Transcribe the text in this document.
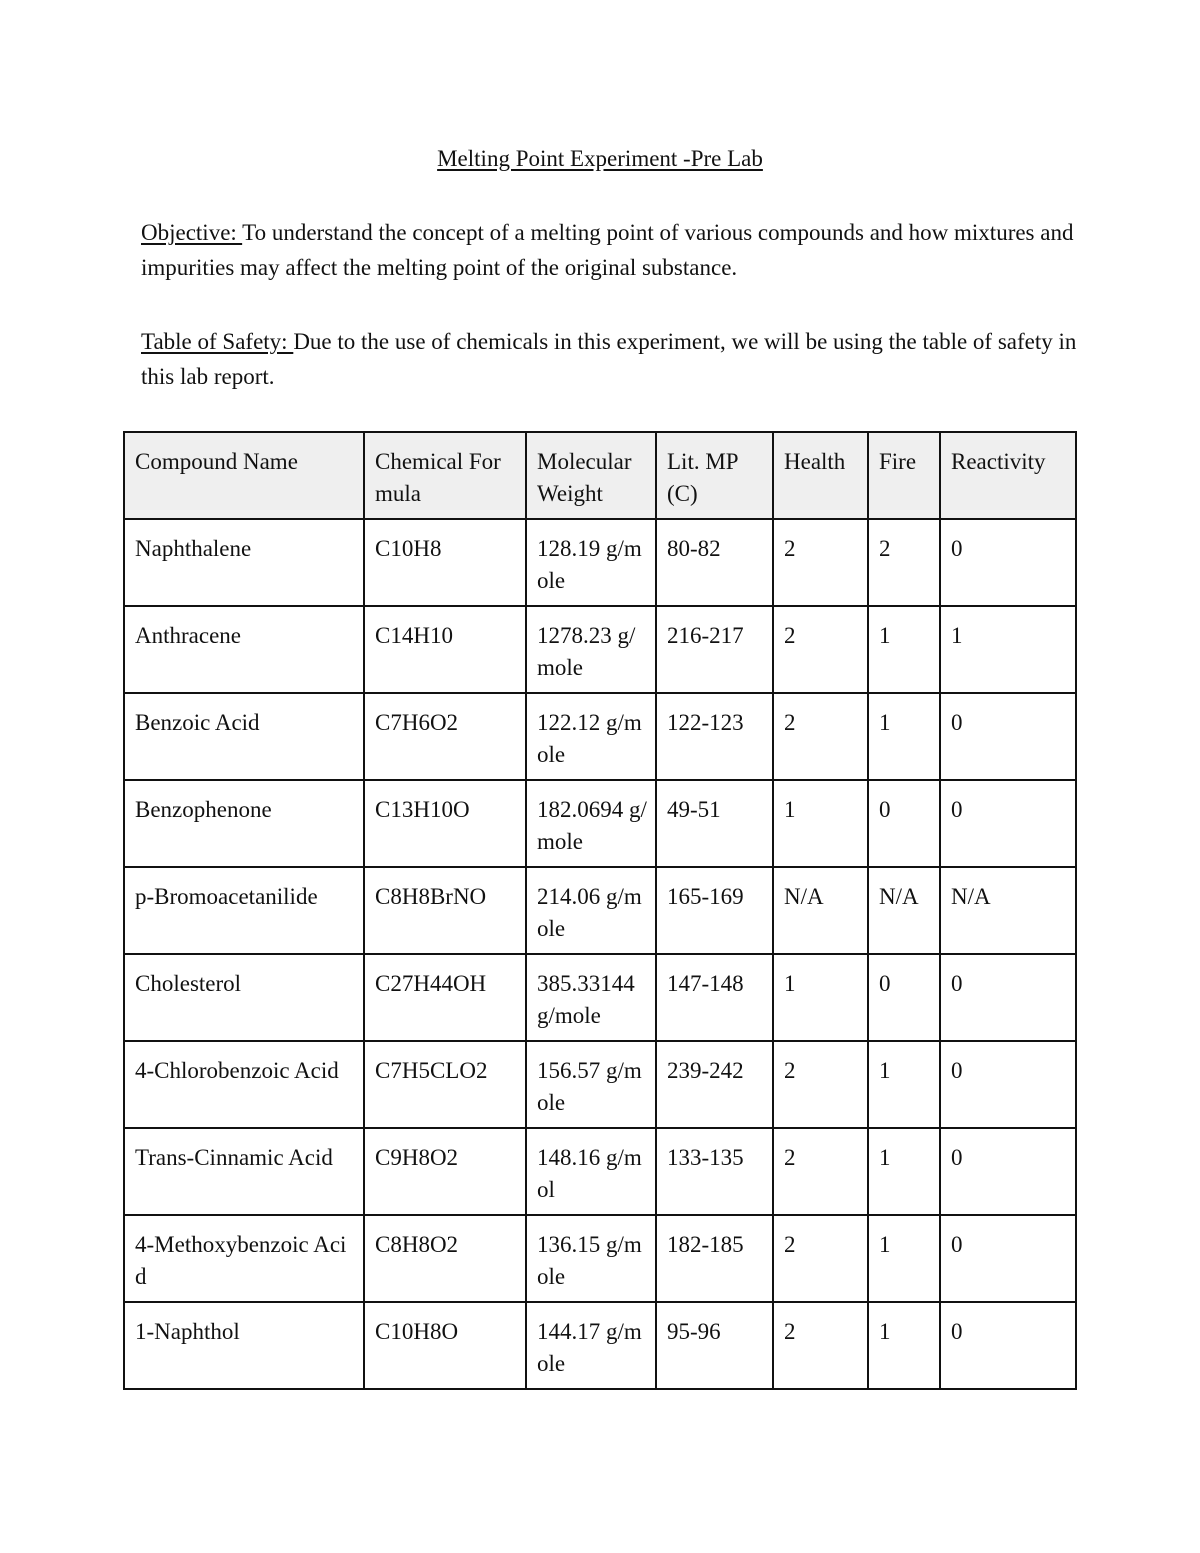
Melting Point Experiment -Pre Lab

Objective: To understand the concept of a melting point of various compounds and how mixtures and impurities may affect the melting point of the original substance.

Table of Safety: Due to the use of chemicals in this experiment, we will be using the table of safety in this lab report.

Compound Name	Chemical Formula	Molecular Weight	Lit. MP (C)	Health	Fire	Reactivity
Naphthalene	C10H8	128.19 g/mole	80-82	2	2	0
Anthracene	C14H10	1278.23 g/mole	216-217	2	1	1
Benzoic Acid	C7H6O2	122.12 g/mole	122-123	2	1	0
Benzophenone	C13H10O	182.0694 g/mole	49-51	1	0	0
p-Bromoacetanilide	C8H8BrNO	214.06 g/mole	165-169	N/A	N/A	N/A
Cholesterol	C27H44OH	385.33144 g/mole	147-148	1	0	0
4-Chlorobenzoic Acid	C7H5CLO2	156.57 g/mole	239-242	2	1	0
Trans-Cinnamic Acid	C9H8O2	148.16 g/mol	133-135	2	1	0
4-Methoxybenzoic Acid	C8H8O2	136.15 g/mole	182-185	2	1	0
1-Naphthol	C10H8O	144.17 g/mole	95-96	2	1	0
